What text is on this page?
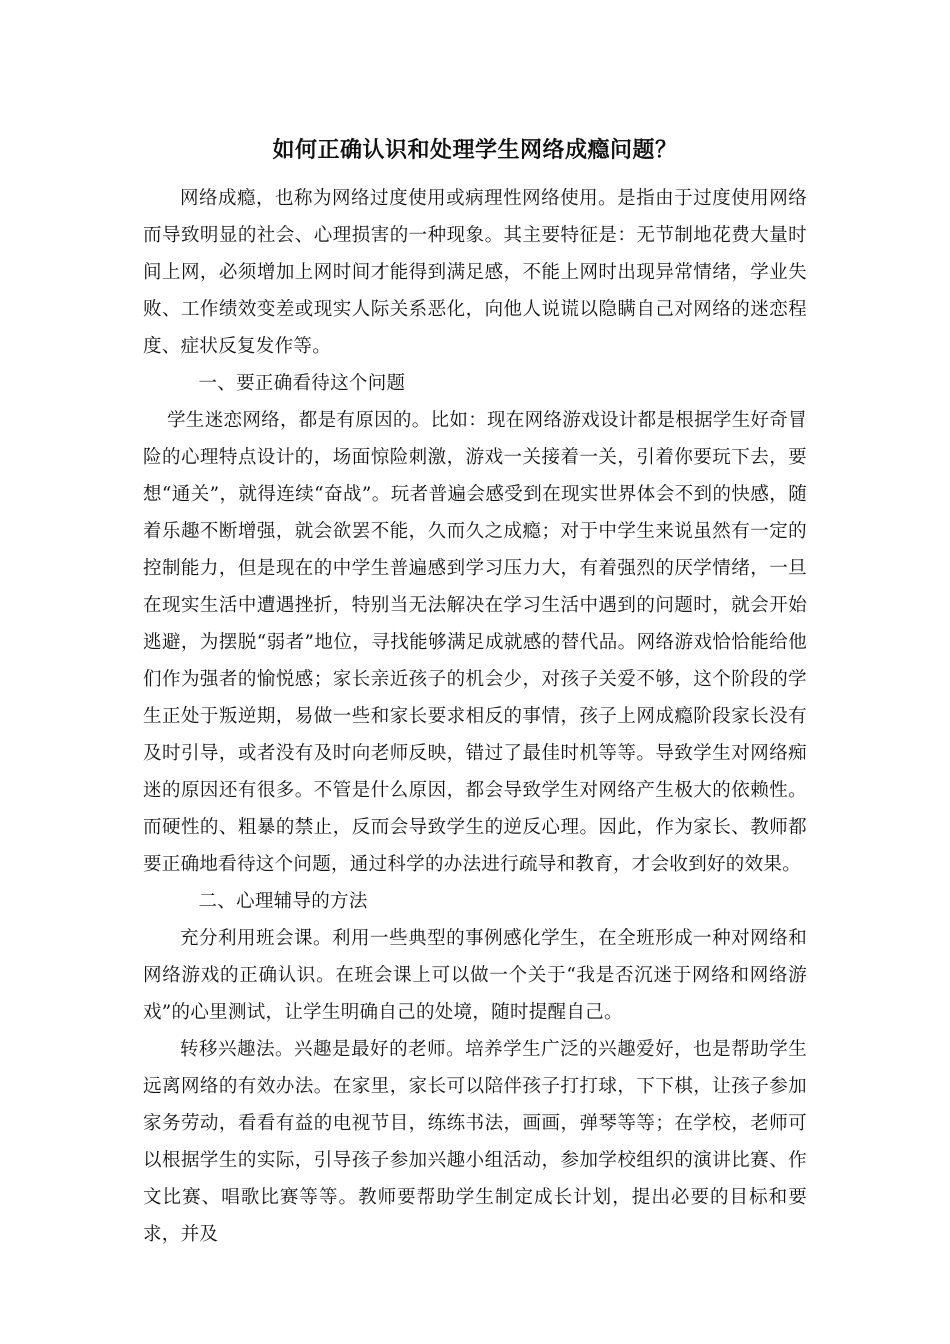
如何正确认识和处理学生网络成瘾问题？

网络成瘾，也称为网络过度使用或病理性网络使用。是指由于过度使用网络而导致明显的社会、心理损害的一种现象。其主要特征是：无节制地花费大量时间上网，必须增加上网时间才能得到满足感，不能上网时出现异常情绪，学业失败、工作绩效变差或现实人际关系恶化，向他人说谎以隐瞒自己对网络的迷恋程度、症状反复发作等。

一、要正确看待这个问题

学生迷恋网络，都是有原因的。比如：现在网络游戏设计都是根据学生好奇冒险的心理特点设计的，场面惊险刺激，游戏一关接着一关，引着你要玩下去，要想“通关”，就得连续“奋战”。玩者普遍会感受到在现实世界体会不到的快感，随着乐趣不断增强，就会欲罢不能，久而久之成瘾；对于中学生来说虽然有一定的控制能力，但是现在的中学生普遍感到学习压力大，有着强烈的厌学情绪，一旦在现实生活中遭遇挫折，特别当无法解决在学习生活中遇到的问题时，就会开始逃避，为摆脱“弱者”地位，寻找能够满足成就感的替代品。网络游戏恰恰能给他们作为强者的愉悦感；家长亲近孩子的机会少，对孩子关爱不够，这个阶段的学生正处于叛逆期，易做一些和家长要求相反的事情，孩子上网成瘾阶段家长没有及时引导，或者没有及时向老师反映，错过了最佳时机等等。导致学生对网络痴迷的原因还有很多。不管是什么原因，都会导致学生对网络产生极大的依赖性。而硬性的、粗暴的禁止，反而会导致学生的逆反心理。因此，作为家长、教师都要正确地看待这个问题，通过科学的办法进行疏导和教育，才会收到好的效果。

二、心理辅导的方法

充分利用班会课。利用一些典型的事例感化学生，在全班形成一种对网络和网络游戏的正确认识。在班会课上可以做一个关于“我是否沉迷于网络和网络游戏”的心里测试，让学生明确自己的处境，随时提醒自己。

转移兴趣法。兴趣是最好的老师。培养学生广泛的兴趣爱好，也是帮助学生远离网络的有效办法。在家里，家长可以陪伴孩子打打球，下下棋，让孩子参加家务劳动，看看有益的电视节目，练练书法，画画，弹琴等等；在学校，老师可以根据学生的实际，引导孩子参加兴趣小组活动，参加学校组织的演讲比赛、作文比赛、唱歌比赛等等。教师要帮助学生制定成长计划，提出必要的目标和要求，并及
